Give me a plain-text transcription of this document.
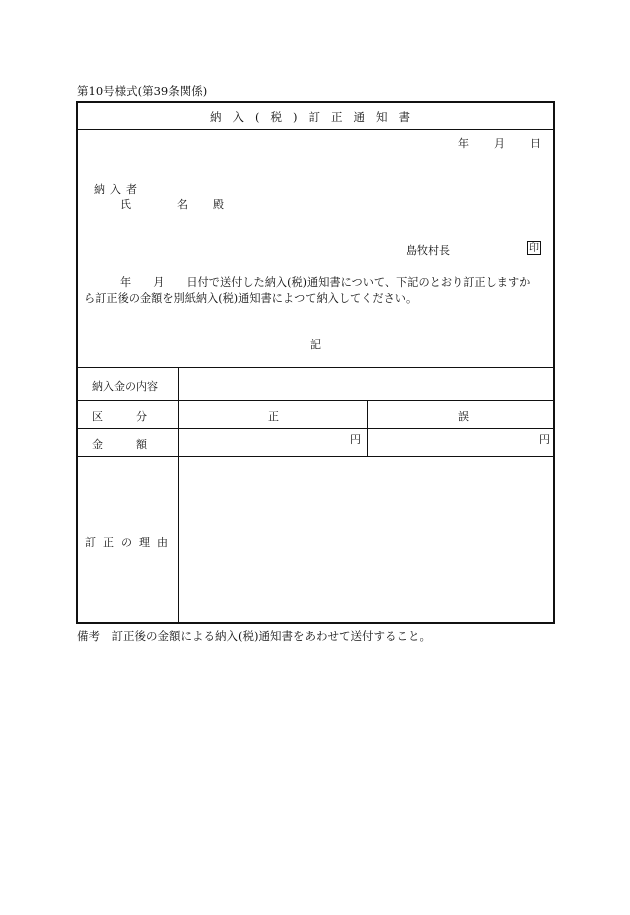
第10号様式(第39条関係)
納入(税)訂正通知書
年 月 日
納入者
氏　　名 殿
島牧村長	印

年 月 日付で送付した納入(税)通知書について、下記のとおり訂正しますか

ら訂正後の金額を別紙納入(税)通知書によつて納入してください。

記
納入金の内容
区　　　分	正	誤
金　　　額	円	円
訂正の理由
備考　訂正後の金額による納入(税)通知書をあわせて送付すること。
